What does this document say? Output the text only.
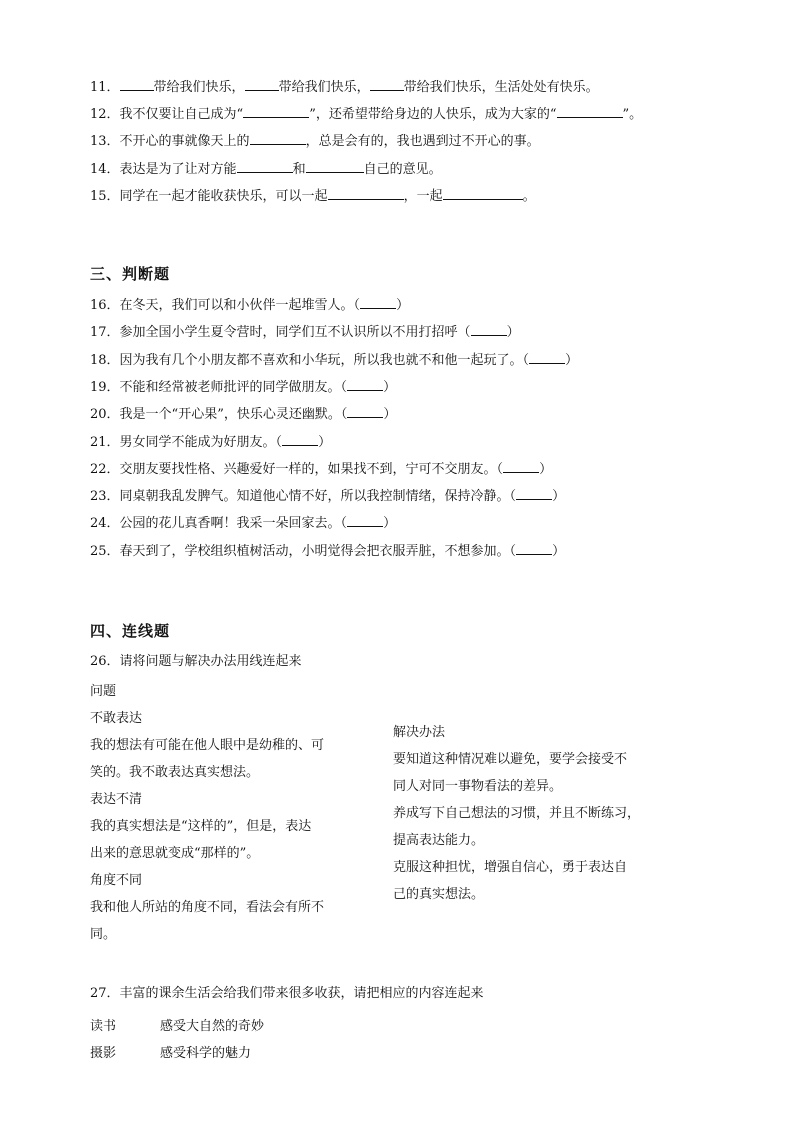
11．	带给我们快乐，	带给我们快乐，	带给我们快乐，生活处处有快乐。
12．我不仅要让自己成为“	”，还希望带给身边的人快乐，成为大家的“	”。
13．不开心的事就像天上的	，总是会有的，我也遇到过不开心的事。
14．表达是为了让对方能	和	自己的意见。
15．同学在一起才能收获快乐，可以一起	，一起	。
三、判断题
16．在冬天，我们可以和小伙伴一起堆雪人。（	）
17．参加全国小学生夏令营时，同学们互不认识所以不用打招呼（	）
18．因为我有几个小朋友都不喜欢和小华玩，所以我也就不和他一起玩了。（	）
19．不能和经常被老师批评的同学做朋友。（	）
20．我是一个“开心果”，快乐心灵还幽默。（	）
21．男女同学不能成为好朋友。（	）
22．交朋友要找性格、兴趣爱好一样的，如果找不到，宁可不交朋友。（	）
23．同桌朝我乱发脾气。知道他心情不好，所以我控制情绪，保持冷静。（	）
24．公园的花儿真香啊！我采一朵回家去。（	）
25．春天到了，学校组织植树活动，小明觉得会把衣服弄脏，不想参加。（	）
四、连线题
26．请将问题与解决办法用线连起来
问题
不敢表达
我的想法有可能在他人眼中是幼稚的、可
笑的。我不敢表达真实想法。
表达不清
我的真实想法是“这样的”，但是，表达
出来的意思就变成“那样的”。
角度不同
我和他人所站的角度不同，看法会有所不
同。
解决办法
要知道这种情况难以避免，要学会接受不
同人对同一事物看法的差异。
养成写下自己想法的习惯，并且不断练习，
提高表达能力。
克服这种担忧，增强自信心，勇于表达自
己的真实想法。
27．丰富的课余生活会给我们带来很多收获，请把相应的内容连起来
读书	感受大自然的奇妙
摄影	感受科学的魅力
